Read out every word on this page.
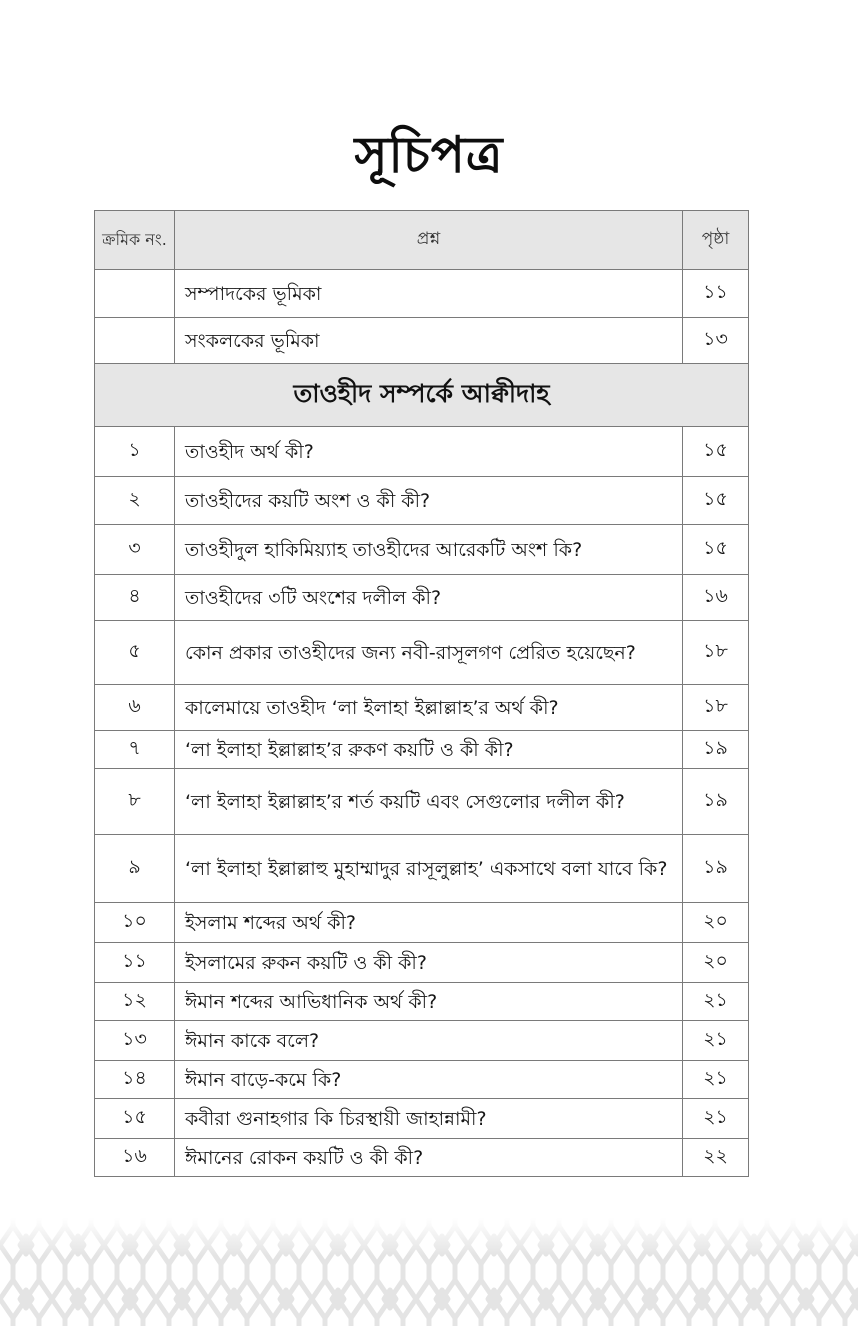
সূচিপত্র
ক্রমিক নং.	প্রশ্ন	পৃষ্ঠা
	সম্পাদকের ভূমিকা	১১
	সংকলকের ভূমিকা	১৩
তাওহীদ সম্পর্কে আক্বীদাহ		
১	তাওহীদ অর্থ কী?	১৫
২	তাওহীদের কয়টি অংশ ও কী কী?	১৫
৩	তাওহীদুল হাকিমিয়্যাহ তাওহীদের আরেকটি অংশ কি?	১৫
৪	তাওহীদের ৩টি অংশের দলীল কী?	১৬
৫	কোন প্রকার তাওহীদের জন্য নবী-রাসূলগণ প্রেরিত হয়েছেন?	১৮
৬	কালেমায়ে তাওহীদ ‘লা ইলাহা ইল্লাল্লাহ’র অর্থ কী?	১৮
৭	‘লা ইলাহা ইল্লাল্লাহ’র রুকণ কয়টি ও কী কী?	১৯
৮	‘লা ইলাহা ইল্লাল্লাহ’র শর্ত কয়টি এবং সেগুলোর দলীল কী?	১৯
৯	‘লা ইলাহা ইল্লাল্লাহু মুহাম্মাদুর রাসূলুল্লাহ’ একসাথে বলা যাবে কি?	১৯
১০	ইসলাম শব্দের অর্থ কী?	২০
১১	ইসলামের রুকন কয়টি ও কী কী?	২০
১২	ঈমান শব্দের আভিধানিক অর্থ কী?	২১
১৩	ঈমান কাকে বলে?	২১
১৪	ঈমান বাড়ে-কমে কি?	২১
১৫	কবীরা গুনাহগার কি চিরস্থায়ী জাহান্নামী?	২১
১৬	ঈমানের রোকন কয়টি ও কী কী?	২২
